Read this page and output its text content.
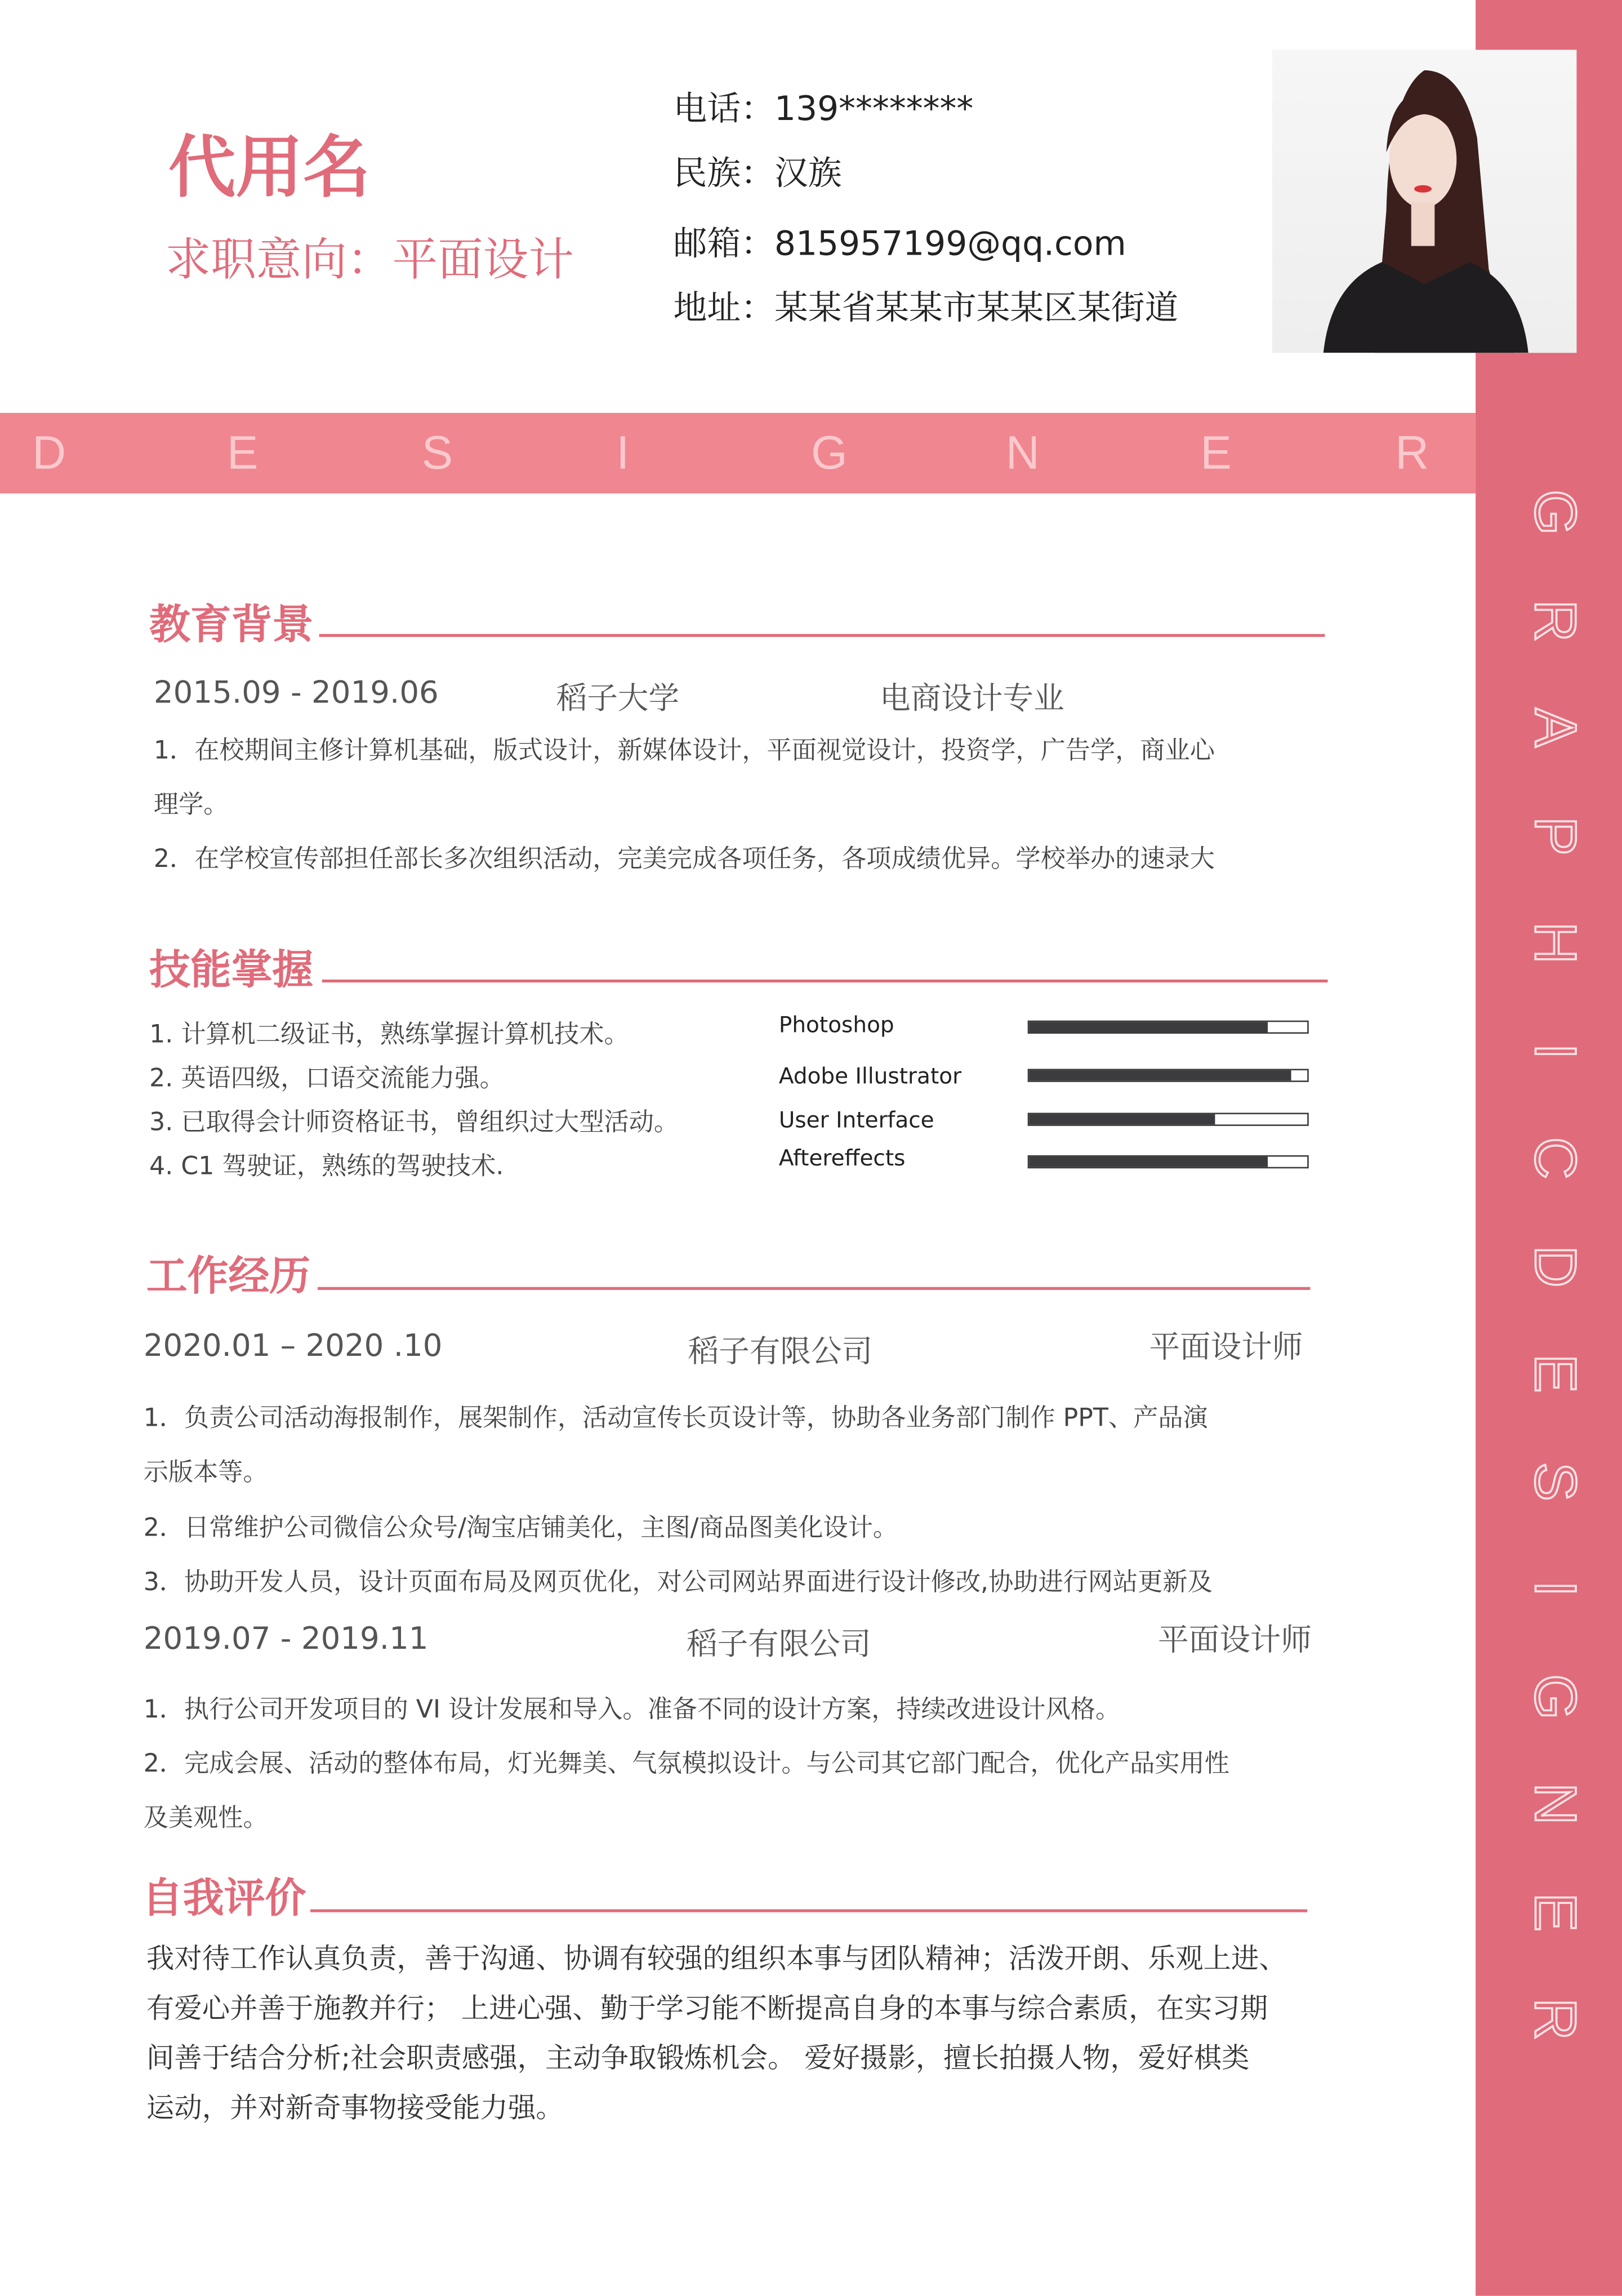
G
R
A
P
H
I
C
D
E
S
I
G
N
E
R
代用名
求职意向：平面设计
电话：139********
民族：汉族
邮箱：815957199@qq.com
地址：某某省某某市某某区某街道
D	E	S	I	G	N	E	R
教育背景
2015.09 - 2019.06	稻子大学	电商设计专业
1．在校期间主修计算机基础，版式设计，新媒体设计，平面视觉设计，投资学，广告学，商业心
理学。
2．在学校宣传部担任部长多次组织活动，完美完成各项任务，各项成绩优异。学校举办的速录大
技能掌握
1. 计算机二级证书，熟练掌握计算机技术。
2. 英语四级，口语交流能力强。
3. 已取得会计师资格证书，曾组织过大型活动。
4. C1 驾驶证，熟练的驾驶技术.
Photoshop
Adobe Illustrator
User Interface
Aftereffects
工作经历
2020.01 – 2020 .10	稻子有限公司	平面设计师
1．负责公司活动海报制作，展架制作，活动宣传长页设计等，协助各业务部门制作 PPT、产品演
示版本等。
2．日常维护公司微信公众号/淘宝店铺美化，主图/商品图美化设计。
3．协助开发人员，设计页面布局及网页优化，对公司网站界面进行设计修改,协助进行网站更新及
2019.07 - 2019.11	稻子有限公司	平面设计师
1．执行公司开发项目的 VI 设计发展和导入。准备不同的设计方案，持续改进设计风格。
2．完成会展、活动的整体布局，灯光舞美、气氛模拟设计。与公司其它部门配合，优化产品实用性
及美观性。
自我评价
我对待工作认真负责，善于沟通、协调有较强的组织本事与团队精神；活泼开朗、乐观上进、
有爱心并善于施教并行； 上进心强、勤于学习能不断提高自身的本事与综合素质，在实习期
间善于结合分析;社会职责感强，主动争取锻炼机会。 爱好摄影，擅长拍摄人物，爱好棋类
运动，并对新奇事物接受能力强。
